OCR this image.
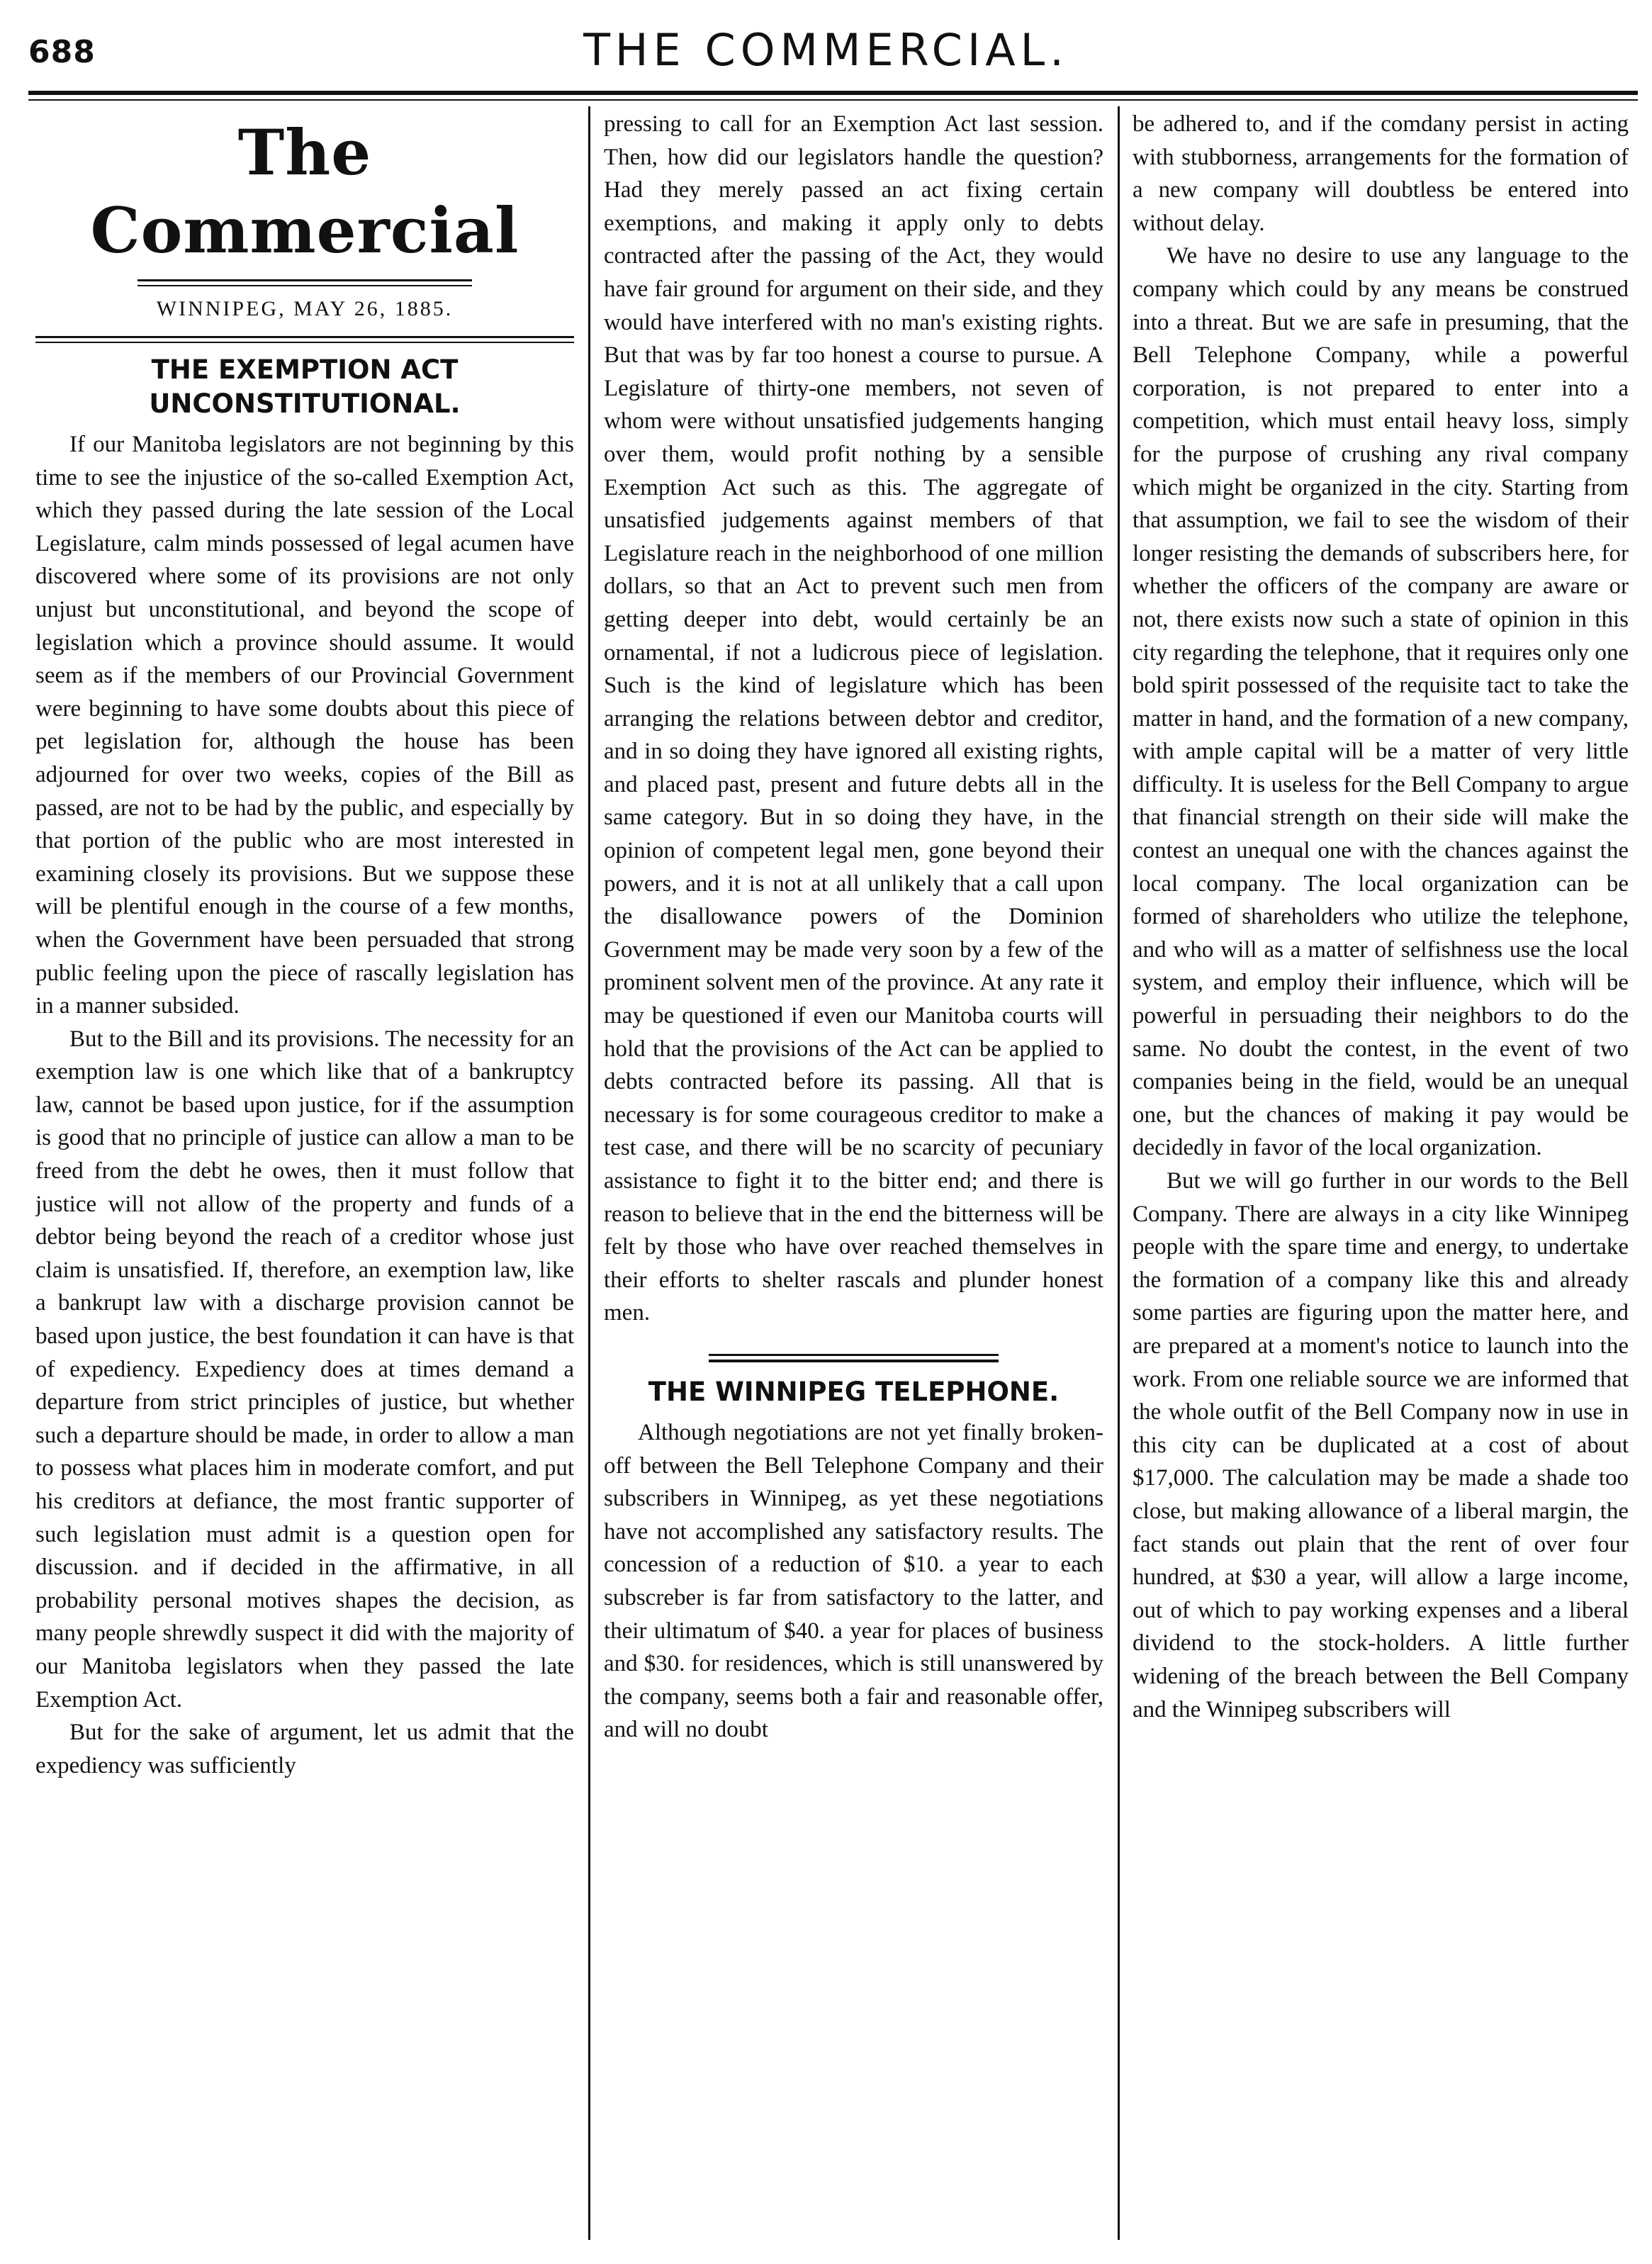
688	THE COMMERCIAL.
The Commercial
WINNIPEG, MAY 26, 1885.
THE EXEMPTION ACT UNCONSTITUTIONAL.

If our Manitoba legislators are not beginning by this time to see the injustice of the so-called Exemption Act, which they passed during the late session of the Local Legislature, calm minds possessed of legal acumen have discovered where some of its provisions are not only unjust but unconstitutional, and beyond the scope of legislation which a province should assume. It would seem as if the members of our Provincial Government were beginning to have some doubts about this piece of pet legislation for, although the house has been adjourned for over two weeks, copies of the Bill as passed, are not to be had by the public, and especially by that portion of the public who are most interested in examining closely its provisions. But we suppose these will be plentiful enough in the course of a few months, when the Government have been persuaded that strong public feeling upon the piece of rascally legislation has in a manner subsided.

But to the Bill and its provisions. The necessity for an exemption law is one which like that of a bankruptcy law, cannot be based upon justice, for if the assumption is good that no principle of justice can allow a man to be freed from the debt he owes, then it must follow that justice will not allow of the property and funds of a debtor being beyond the reach of a creditor whose just claim is unsatisfied. If, therefore, an exemption law, like a bankrupt law with a discharge provision cannot be based upon justice, the best foundation it can have is that of expediency. Expediency does at times demand a departure from strict principles of justice, but whether such a departure should be made, in order to allow a man to possess what places him in moderate comfort, and put his creditors at defiance, the most frantic supporter of such legislation must admit is a question open for discussion. and if decided in the affirmative, in all probability personal motives shapes the decision, as many people shrewdly suspect it did with the majority of our Manitoba legislators when they passed the late Exemption Act.

But for the sake of argument, let us admit that the expediency was sufficiently

pressing to call for an Exemption Act last session. Then, how did our legislators handle the question? Had they merely passed an act fixing certain exemptions, and making it apply only to debts contracted after the passing of the Act, they would have fair ground for argument on their side, and they would have interfered with no man's existing rights. But that was by far too honest a course to pursue. A Legislature of thirty-one members, not seven of whom were without unsatisfied judgements hanging over them, would profit nothing by a sensible Exemption Act such as this. The aggregate of unsatisfied judgements against members of that Legislature reach in the neighborhood of one million dollars, so that an Act to prevent such men from getting deeper into debt, would certainly be an ornamental, if not a ludicrous piece of legislation. Such is the kind of legislature which has been arranging the relations between debtor and creditor, and in so doing they have ignored all existing rights, and placed past, present and future debts all in the same category. But in so doing they have, in the opinion of competent legal men, gone beyond their powers, and it is not at all unlikely that a call upon the disallowance powers of the Dominion Government may be made very soon by a few of the prominent solvent men of the province. At any rate it may be questioned if even our Manitoba courts will hold that the provisions of the Act can be applied to debts contracted before its passing. All that is necessary is for some courageous creditor to make a test case, and there will be no scarcity of pecuniary assistance to fight it to the bitter end; and there is reason to believe that in the end the bitterness will be felt by those who have over reached themselves in their efforts to shelter rascals and plunder honest men.

THE WINNIPEG TELEPHONE.

Although negotiations are not yet finally broken-off between the Bell Telephone Company and their subscribers in Winnipeg, as yet these negotiations have not accomplished any satisfactory results. The concession of a reduction of $10. a year to each subscreber is far from satisfactory to the latter, and their ultimatum of $40. a year for places of business and $30. for residences, which is still unanswered by the company, seems both a fair and reasonable offer, and will no doubt

be adhered to, and if the comdany persist in acting with stubborness, arrangements for the formation of a new company will doubtless be entered into without delay.

We have no desire to use any language to the company which could by any means be construed into a threat. But we are safe in presuming, that the Bell Telephone Company, while a powerful corporation, is not prepared to enter into a competition, which must entail heavy loss, simply for the purpose of crushing any rival company which might be organized in the city. Starting from that assumption, we fail to see the wisdom of their longer resisting the demands of subscribers here, for whether the officers of the company are aware or not, there exists now such a state of opinion in this city regarding the telephone, that it requires only one bold spirit possessed of the requisite tact to take the matter in hand, and the formation of a new company, with ample capital will be a matter of very little difficulty. It is useless for the Bell Company to argue that financial strength on their side will make the contest an unequal one with the chances against the local company. The local organization can be formed of shareholders who utilize the telephone, and who will as a matter of selfishness use the local system, and employ their influence, which will be powerful in persuading their neighbors to do the same. No doubt the contest, in the event of two companies being in the field, would be an unequal one, but the chances of making it pay would be decidedly in favor of the local organization.

But we will go further in our words to the Bell Company. There are always in a city like Winnipeg people with the spare time and energy, to undertake the formation of a company like this and already some parties are figuring upon the matter here, and are prepared at a moment's notice to launch into the work. From one reliable source we are informed that the whole outfit of the Bell Company now in use in this city can be duplicated at a cost of about $17,000. The calculation may be made a shade too close, but making allowance of a liberal margin, the fact stands out plain that the rent of over four hundred, at $30 a year, will allow a large income, out of which to pay working expenses and a liberal dividend to the stock-holders. A little further widening of the breach between the Bell Company and the Winnipeg subscribers will
